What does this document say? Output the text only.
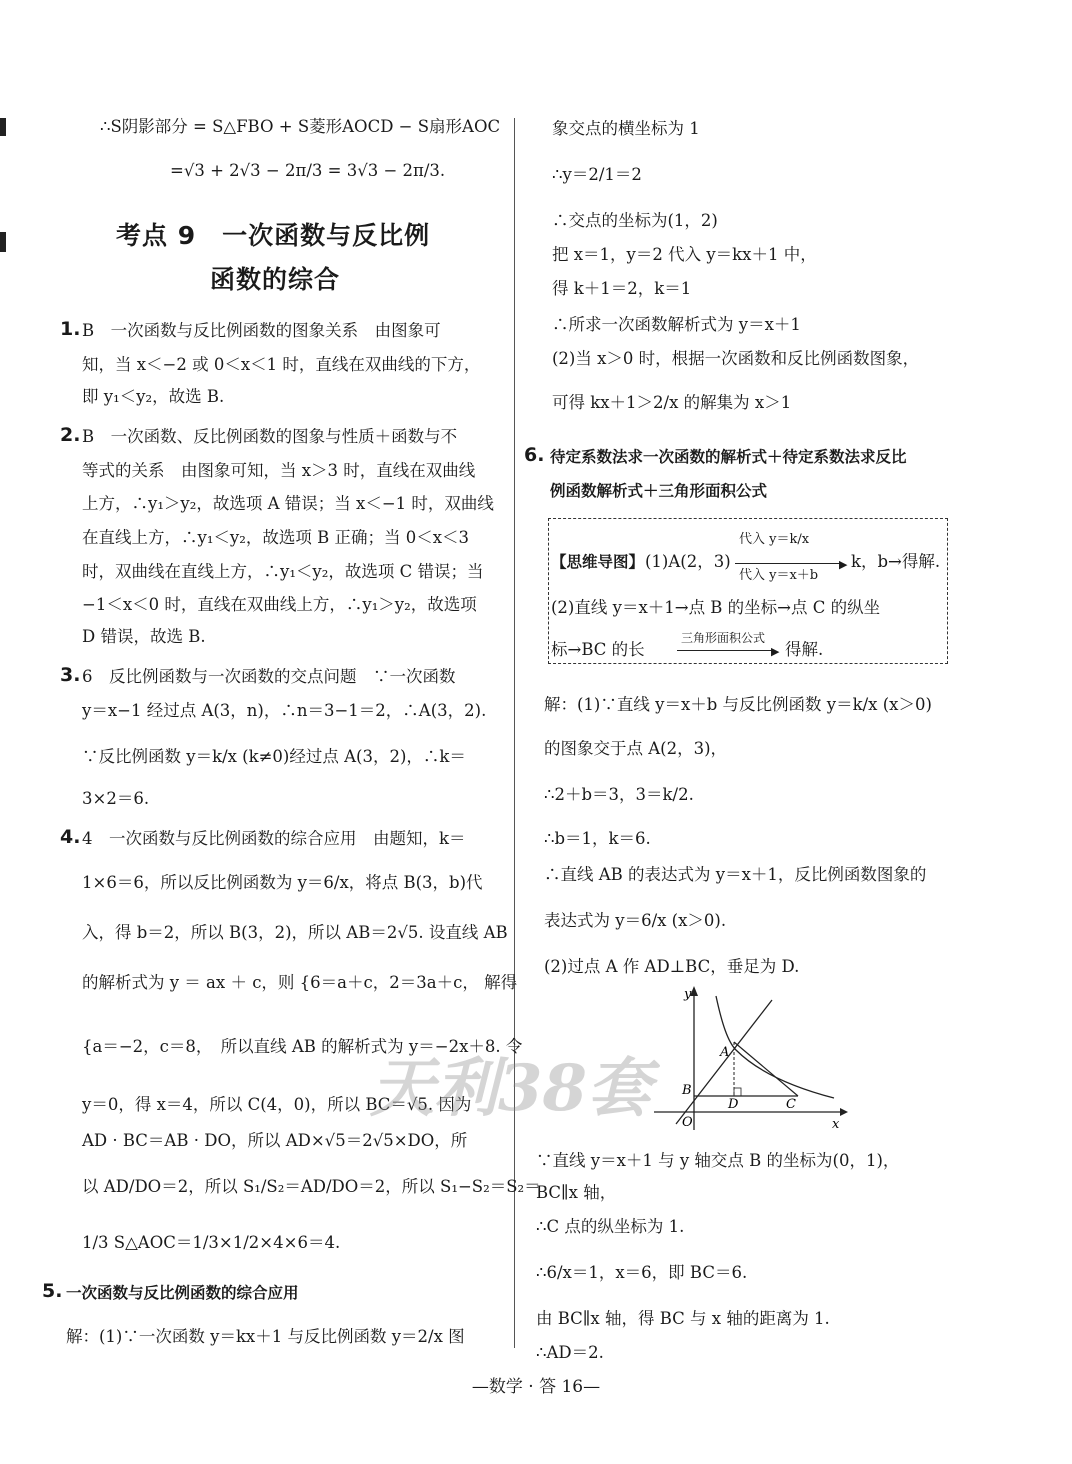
∴S阴影部分 = S△FBO + S菱形AOCD − S扇形AOC
=√3 + 2√3 − 2π/3 = 3√3 − 2π/3.
考点 9　一次函数与反比例
函数的综合
1. B　一次函数与反比例函数的图象关系　由图象可
知，当 x＜−2 或 0＜x＜1 时，直线在双曲线的下方，
即 y₁＜y₂，故选 B.
2. B　一次函数、反比例函数的图象与性质＋函数与不
等式的关系　由图象可知，当 x＞3 时，直线在双曲线
上方，∴y₁＞y₂，故选项 A 错误；当 x＜−1 时，双曲线
在直线上方，∴y₁＜y₂，故选项 B 正确；当 0＜x＜3
时，双曲线在直线上方，∴y₁＜y₂，故选项 C 错误；当
−1＜x＜0 时，直线在双曲线上方，∴y₁＞y₂，故选项
D 错误，故选 B.
3. 6　反比例函数与一次函数的交点问题　∵一次函数
y＝x−1 经过点 A(3，n)，∴n＝3−1＝2，∴A(3，2).
∵反比例函数 y＝k/x (k≠0)经过点 A(3，2)，∴k＝
3×2＝6.
4. 4　一次函数与反比例函数的综合应用　由题知，k＝
1×6＝6，所以反比例函数为 y＝6/x，将点 B(3，b)代
入，得 b＝2，所以 B(3，2)，所以 AB＝2√5. 设直线 AB
的解析式为 y ＝ ax ＋ c，则 {6＝a＋c，2＝3a＋c， 解得
{a＝−2，c＝8，　所以直线 AB 的解析式为 y＝−2x＋8. 令
y＝0，得 x＝4，所以 C(4，0)，所以 BC＝√5. 因为
AD · BC＝AB · DO，所以 AD×√5＝2√5×DO，所
以 AD/DO＝2，所以 S₁/S₂＝AD/DO＝2，所以 S₁−S₂＝S₂＝
1/3 S△AOC＝1/3×1/2×4×6＝4.
5. 一次函数与反比例函数的综合应用
解：(1)∵一次函数 y＝kx＋1 与反比例函数 y＝2/x 图
天利38套
象交点的横坐标为 1
∴y＝2/1＝2
∴交点的坐标为(1，2)
把 x＝1，y＝2 代入 y＝kx＋1 中，
得 k＋1＝2，k＝1
∴所求一次函数解析式为 y＝x＋1
(2)当 x＞0 时，根据一次函数和反比例函数图象，
可得 kx＋1＞2/x 的解集为 x＞1
6. 待定系数法求一次函数的解析式＋待定系数法求反比
例函数解析式＋三角形面积公式
【思维导图】 (1)A(2，3)
代入 y＝k/x
▶
代入 y＝x＋b
k，b→得解.
(2)直线 y＝x＋1→点 B 的坐标→点 C 的纵坐
标→BC 的长
三角形面积公式
▶ 得解.
解：(1)∵直线 y＝x＋b 与反比例函数 y＝k/x (x＞0)
的图象交于点 A(2，3)，
∴2＋b＝3，3＝k/2.
∴b＝1，k＝6.
∴直线 AB 的表达式为 y＝x＋1，反比例函数图象的
表达式为 y＝6/x (x＞0).
(2)过点 A 作 AD⊥BC，垂足为 D.
y
x
A
B
D	C
O
∵直线 y＝x＋1 与 y 轴交点 B 的坐标为(0，1)，
BC∥x 轴，
∴C 点的纵坐标为 1.
∴6/x＝1，x＝6，即 BC＝6.
由 BC∥x 轴，得 BC 与 x 轴的距离为 1.
∴AD＝2.
—数学 · 答 16—
